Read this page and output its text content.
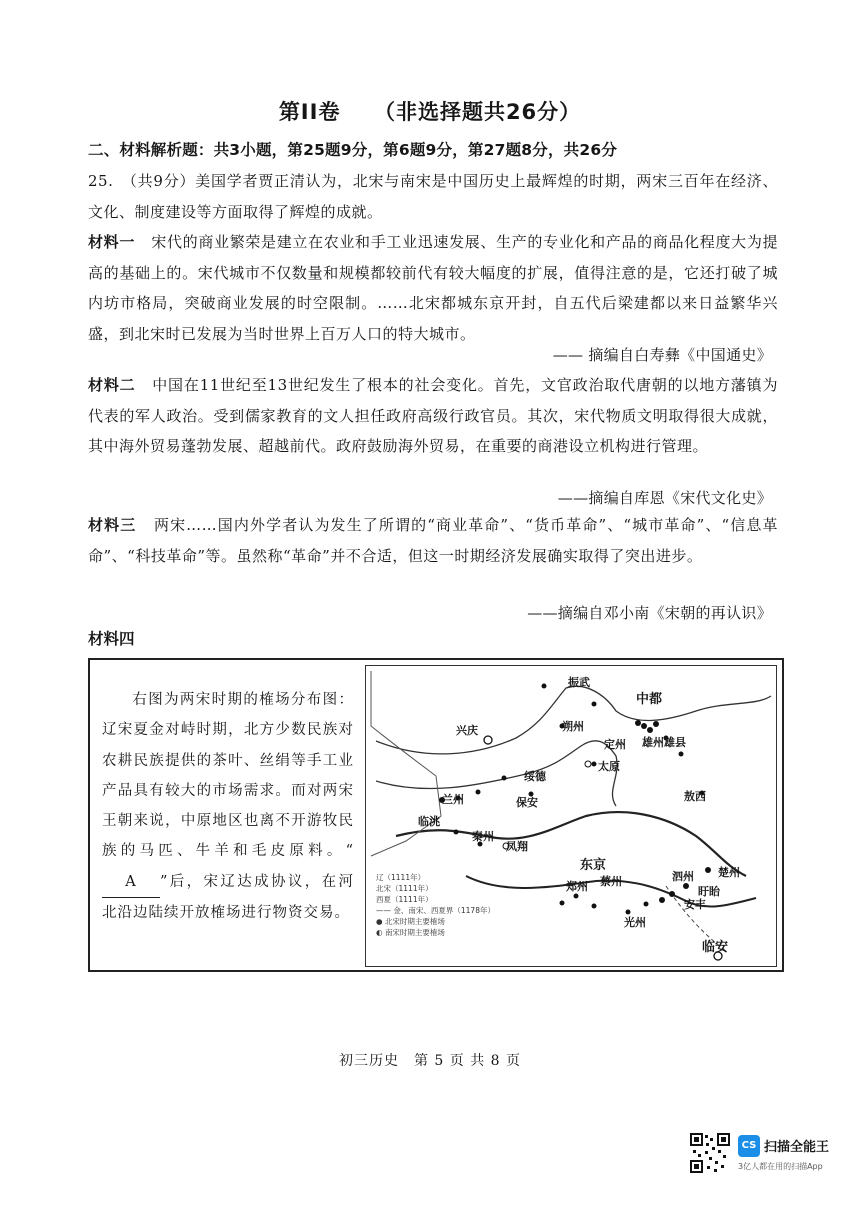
第II卷　　（非选择题共26分）
二、材料解析题：共3小题，第25题9分，第6题9分，第27题8分，共26分
25.　（共9分）美国学者贾正清认为，北宋与南宋是中国历史上最辉煌的时期，两宋三百年在经济、文化、制度建设等方面取得了辉煌的成就。
材料一 宋代的商业繁荣是建立在农业和手工业迅速发展、生产的专业化和产品的商品化程度大为提高的基础上的。宋代城市不仅数量和规模都较前代有较大幅度的扩展，值得注意的是，它还打破了城内坊市格局，突破商业发展的时空限制。……北宋都城东京开封，自五代后梁建都以来日益繁华兴盛，到北宋时已发展为当时世界上百万人口的特大城市。
—— 摘编自白寿彝《中国通史》
材料二 中国在11世纪至13世纪发生了根本的社会变化。首先，文官政治取代唐朝的以地方藩镇为代表的军人政治。受到儒家教育的文人担任政府高级行政官员。其次，宋代物质文明取得很大成就，其中海外贸易蓬勃发展、超越前代。政府鼓励海外贸易，在重要的商港设立机构进行管理。
——摘编自库恩《宋代文化史》
材料三 两宋……国内外学者认为发生了所谓的“商业革命”、“货币革命”、“城市革命”、“信息革命”、“科技革命”等。虽然称“革命”并不合适，但这一时期经济发展确实取得了突出进步。
——摘编自邓小南《宋朝的再认识》
材料四
右图为两宋时期的榷场分布图：辽宋夏金对峙时期，北方少数民族对农耕民族提供的茶叶、丝绢等手工业产品具有较大的市场需求。而对两宋王朝来说，中原地区也离不开游牧民族的马匹、牛羊和毛皮原料。“A ”后，宋辽达成协议，在河北沿边陆续开放榷场进行物资交易。
振武
中都
兴庆	朔州
定州 雄州雄县
太原
绥德
保安
兰州
临洮
秦州
凤翔
东京
敖西
泗州 楚州
盱眙
郑州 蔡州
光州
安丰
临安
辽（1111年）
北宋（1111年）
西夏（1111年）
—— 金、南宋、西夏界（1178年）
● 北宋时期主要榷场
◐ 南宋时期主要榷场
初三历史　第 5 页 共 8 页
CS 扫描全能王
3亿人都在用的扫描App
